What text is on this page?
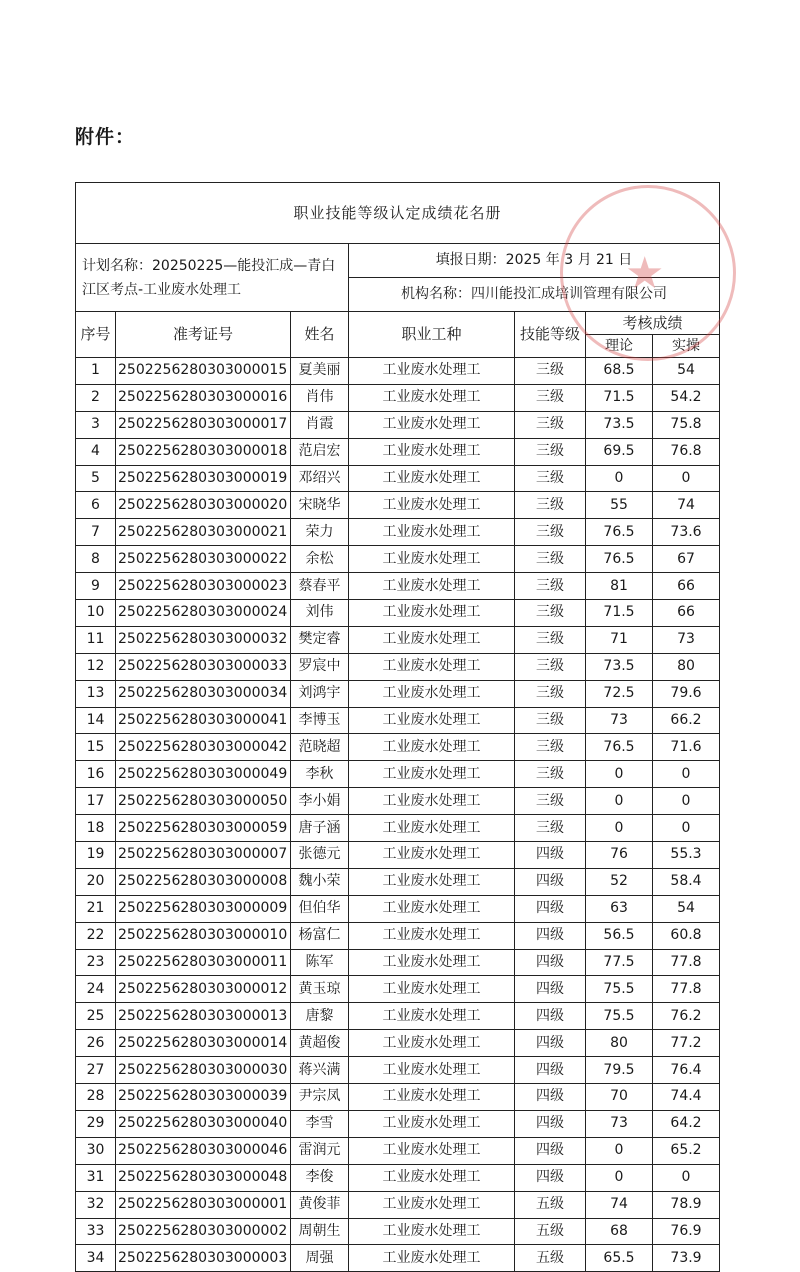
附件：
职业技能等级认定成绩花名册						
计划名称：20250225—能投汇成—青白江区考点-工业废水处理工			填报日期：2025 年 3 月 21 日			
			机构名称：四川能投汇成培训管理有限公司			
序号	准考证号	姓名	职业工种	技能等级	考核成绩	
					理论	实操
1	2502256280303000015	夏美丽	工业废水处理工	三级	68.5	54
2	2502256280303000016	肖伟	工业废水处理工	三级	71.5	54.2
3	2502256280303000017	肖霞	工业废水处理工	三级	73.5	75.8
4	2502256280303000018	范启宏	工业废水处理工	三级	69.5	76.8
5	2502256280303000019	邓绍兴	工业废水处理工	三级	0	0
6	2502256280303000020	宋晓华	工业废水处理工	三级	55	74
7	2502256280303000021	荣力	工业废水处理工	三级	76.5	73.6
8	2502256280303000022	余松	工业废水处理工	三级	76.5	67
9	2502256280303000023	蔡春平	工业废水处理工	三级	81	66
10	2502256280303000024	刘伟	工业废水处理工	三级	71.5	66
11	2502256280303000032	樊定睿	工业废水处理工	三级	71	73
12	2502256280303000033	罗宸中	工业废水处理工	三级	73.5	80
13	2502256280303000034	刘鸿宇	工业废水处理工	三级	72.5	79.6
14	2502256280303000041	李博玉	工业废水处理工	三级	73	66.2
15	2502256280303000042	范晓超	工业废水处理工	三级	76.5	71.6
16	2502256280303000049	李秋	工业废水处理工	三级	0	0
17	2502256280303000050	李小娟	工业废水处理工	三级	0	0
18	2502256280303000059	唐子涵	工业废水处理工	三级	0	0
19	2502256280303000007	张德元	工业废水处理工	四级	76	55.3
20	2502256280303000008	魏小荣	工业废水处理工	四级	52	58.4
21	2502256280303000009	但伯华	工业废水处理工	四级	63	54
22	2502256280303000010	杨富仁	工业废水处理工	四级	56.5	60.8
23	2502256280303000011	陈军	工业废水处理工	四级	77.5	77.8
24	2502256280303000012	黄玉琼	工业废水处理工	四级	75.5	77.8
25	2502256280303000013	唐黎	工业废水处理工	四级	75.5	76.2
26	2502256280303000014	黄超俊	工业废水处理工	四级	80	77.2
27	2502256280303000030	蒋兴满	工业废水处理工	四级	79.5	76.4
28	2502256280303000039	尹宗凤	工业废水处理工	四级	70	74.4
29	2502256280303000040	李雪	工业废水处理工	四级	73	64.2
30	2502256280303000046	雷润元	工业废水处理工	四级	0	65.2
31	2502256280303000048	李俊	工业废水处理工	四级	0	0
32	2502256280303000001	黄俊菲	工业废水处理工	五级	74	78.9
33	2502256280303000002	周朝生	工业废水处理工	五级	68	76.9
34	2502256280303000003	周强	工业废水处理工	五级	65.5	73.9
★
